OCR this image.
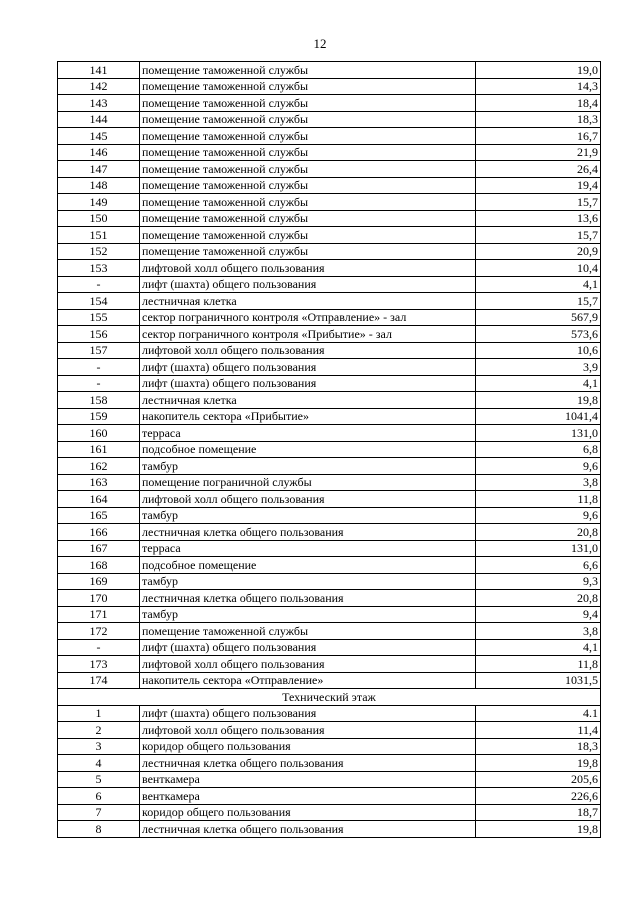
12
141	помещение таможенной службы	19,0
142	помещение таможенной службы	14,3
143	помещение таможенной службы	18,4
144	помещение таможенной службы	18,3
145	помещение таможенной службы	16,7
146	помещение таможенной службы	21,9
147	помещение таможенной службы	26,4
148	помещение таможенной службы	19,4
149	помещение таможенной службы	15,7
150	помещение таможенной службы	13,6
151	помещение таможенной службы	15,7
152	помещение таможенной службы	20,9
153	лифтовой холл общего пользования	10,4
-	лифт (шахта) общего пользования	4,1
154	лестничная клетка	15,7
155	сектор пограничного контроля «Отправление» - зал	567,9
156	сектор пограничного контроля «Прибытие» - зал	573,6
157	лифтовой холл общего пользования	10,6
-	лифт (шахта) общего пользования	3,9
-	лифт (шахта) общего пользования	4,1
158	лестничная клетка	19,8
159	накопитель сектора «Прибытие»	1041,4
160	терраса	131,0
161	подсобное помещение	6,8
162	тамбур	9,6
163	помещение пограничной службы	3,8
164	лифтовой холл общего пользования	11,8
165	тамбур	9,6
166	лестничная клетка общего пользования	20,8
167	терраса	131,0
168	подсобное помещение	6,6
169	тамбур	9,3
170	лестничная клетка общего пользования	20,8
171	тамбур	9,4
172	помещение таможенной службы	3,8
-	лифт (шахта) общего пользования	4,1
173	лифтовой холл общего пользования	11,8
174	накопитель сектора «Отправление»	1031,5
Технический этаж		
1	лифт (шахта) общего пользования	4.1
2	лифтовой холл общего пользования	11,4
3	коридор общего пользования	18,3
4	лестничная клетка общего пользования	19,8
5	венткамера	205,6
6	венткамера	226,6
7	коридор общего пользования	18,7
8	лестничная клетка общего пользования	19,8
